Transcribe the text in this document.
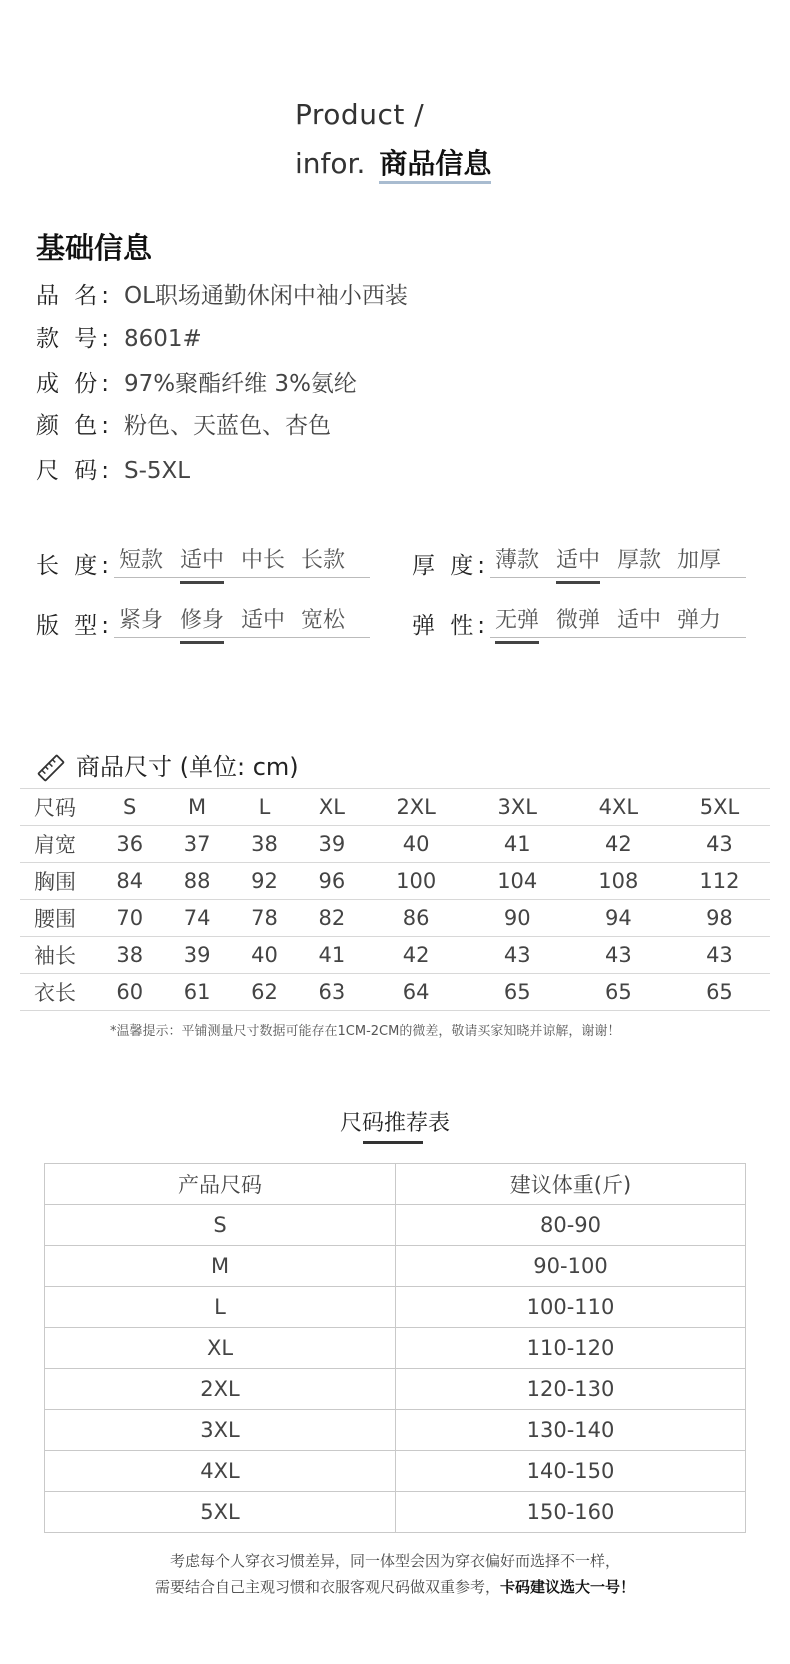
Product /
infor. 商品信息
基础信息
品 名: OL职场通勤休闲中袖小西装
款 号: 8601#
成 份: 97%聚酯纤维 3%氨纶
颜 色: 粉色、天蓝色、杏色
尺 码: S-5XL
长 度: 短款 适中 中长 长款	厚 度: 薄款 适中 厚款 加厚
版 型: 紧身 修身 适中 宽松	弹 性: 无弹 微弹 适中 弹力
商品尺寸 (单位: cm)
尺码	S	M	L	XL	2XL	3XL	4XL	5XL
肩宽	36	37	38	39	40	41	42	43
胸围	84	88	92	96	100	104	108	112
腰围	70	74	78	82	86	90	94	98
袖长	38	39	40	41	42	43	43	43
衣长	60	61	62	63	64	65	65	65
*温馨提示：平铺测量尺寸数据可能存在1CM-2CM的微差，敬请买家知晓并谅解，谢谢！
尺码推荐表
产品尺码	建议体重(斤)
S	80-90
M	90-100
L	100-110
XL	110-120
2XL	120-130
3XL	130-140
4XL	140-150
5XL	150-160
考虑每个人穿衣习惯差异，同一体型会因为穿衣偏好而选择不一样，
需要结合自己主观习惯和衣服客观尺码做双重参考，卡码建议选大一号！
